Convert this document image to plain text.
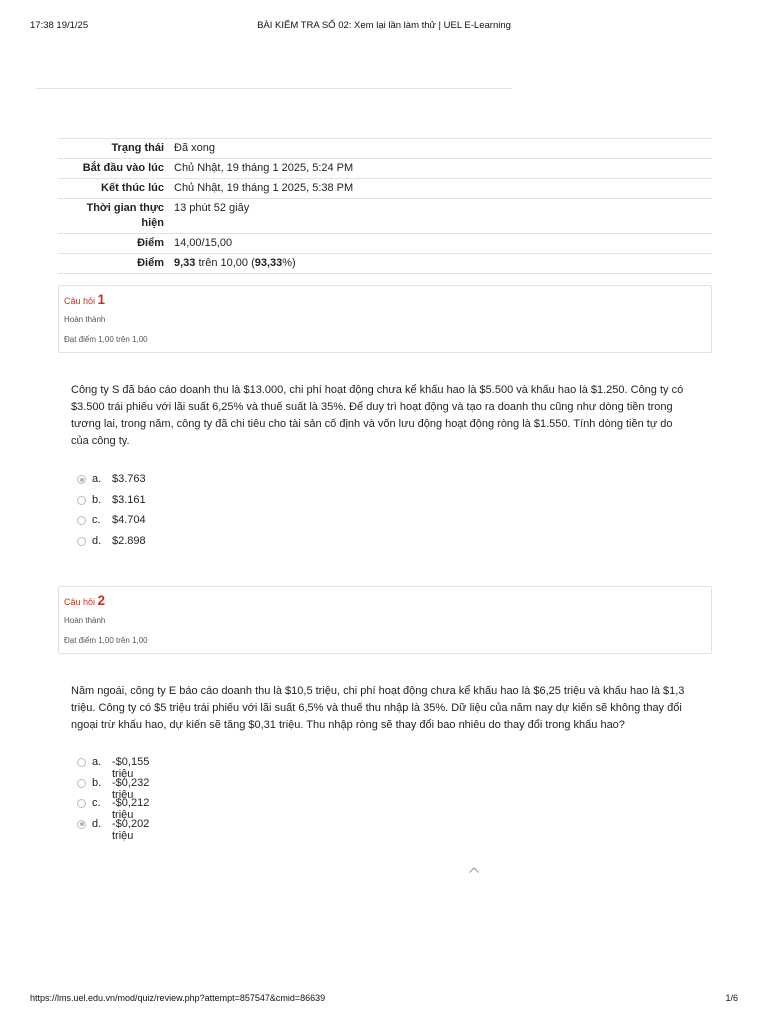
17:38 19/1/25	BÀI KIỂM TRA SỐ 02: Xem lại lần làm thử | UEL E-Learning
Trạng thái	Đã xong
Bắt đầu vào lúc	Chủ Nhật, 19 tháng 1 2025, 5:24 PM
Kết thúc lúc	Chủ Nhật, 19 tháng 1 2025, 5:38 PM
Thời gian thực hiện	13 phút 52 giây
Điểm	14,00/15,00
Điểm	9,33 trên 10,00 (93,33%)
Câu hỏi 1
Hoàn thành
Đạt điểm 1,00 trên 1,00
Công ty S đã báo cáo doanh thu là $13.000, chi phí hoạt động chưa kể khấu hao là $5.500 và khấu hao là $1.250. Công ty có $3.500 trái phiếu với lãi suất 6,25% và thuế suất là 35%. Để duy trì hoạt động và tạo ra doanh thu cũng như dòng tiền trong tương lai, trong năm, công ty đã chi tiêu cho tài sản cố định và vốn lưu động hoạt động ròng là $1.550. Tính dòng tiền tự do của công ty.
a. $3.763
b. $3.161
c. $4.704
d. $2.898
Câu hỏi 2
Hoàn thành
Đạt điểm 1,00 trên 1,00
Năm ngoái, công ty E báo cáo doanh thu là $10,5 triệu, chi phí hoạt động chưa kể khấu hao là $6,25 triệu và khấu hao là $1,3 triệu. Công ty có $5 triệu trái phiếu với lãi suất 6,5% và thuế thu nhập là 35%. Dữ liệu của năm nay dự kiến sẽ không thay đổi ngoại trừ khấu hao, dự kiến sẽ tăng $0,31 triệu. Thu nhập ròng sẽ thay đổi bao nhiêu do thay đổi trong khấu hao?
a. -$0,155 triệu
b. -$0,232 triệu
c. -$0,212 triệu
d. -$0,202 triệu
https://lms.uel.edu.vn/mod/quiz/review.php?attempt=857547&cmid=86639	1/6
